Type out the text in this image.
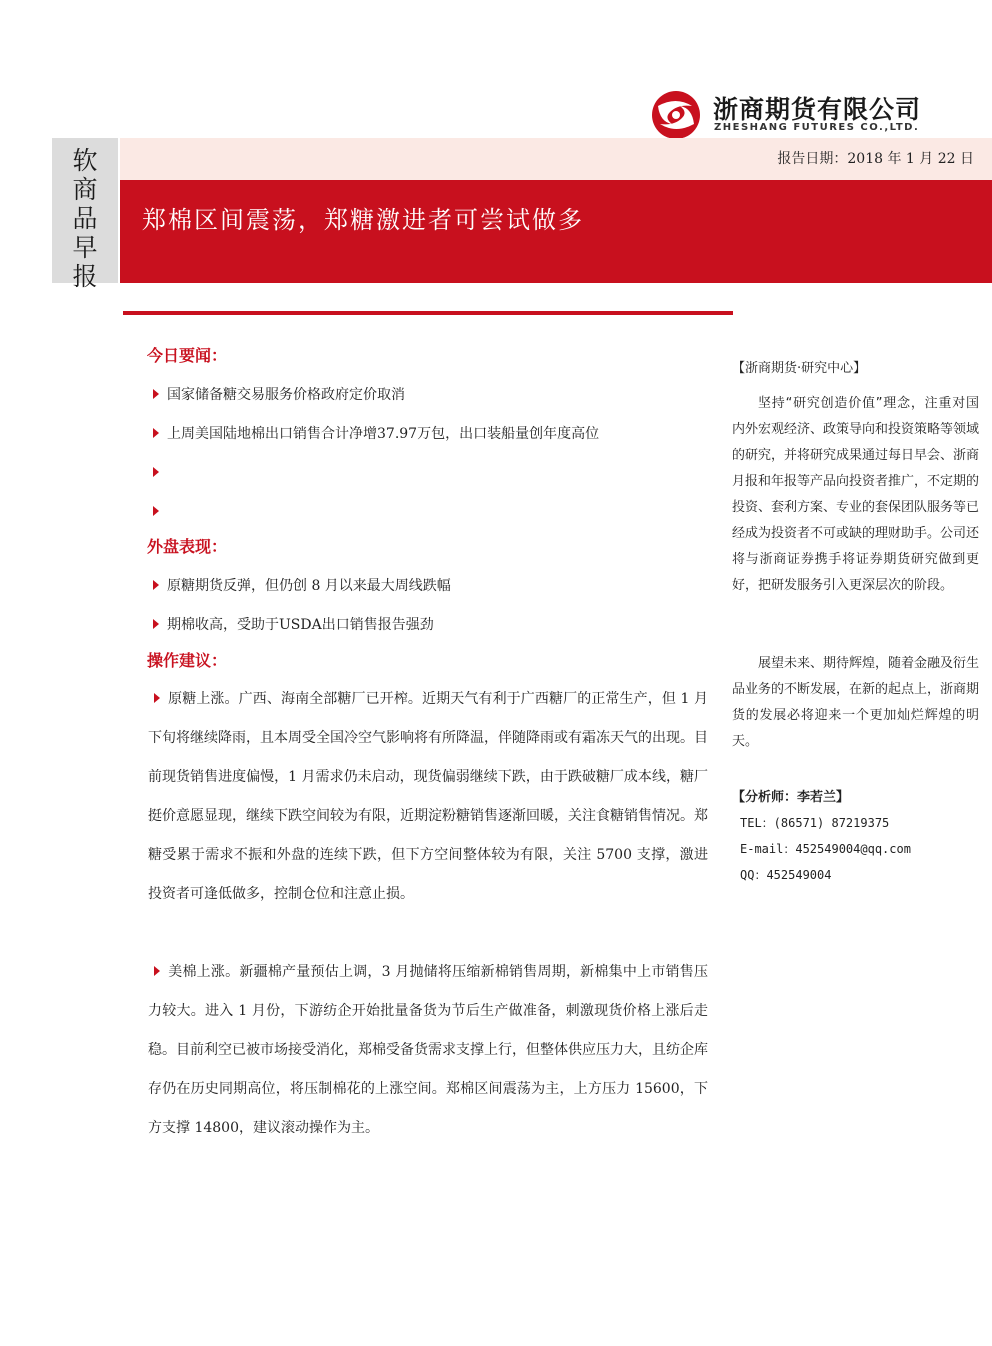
浙商期货有限公司
ZHESHANG FUTURES CO.,LTD.
软
商
品
早
报
报告日期：2018 年 1 月 22 日
郑棉区间震荡，郑糖激进者可尝试做多
今日要闻：
国家储备糖交易服务价格政府定价取消
上周美国陆地棉出口销售合计净增37.97万包，出口装船量创年度高位
外盘表现：
原糖期货反弹，但仍创 8 月以来最大周线跌幅
期棉收高，受助于USDA出口销售报告强劲
操作建议：
原糖上涨。广西、海南全部糖厂已开榨。近期天气有利于广西糖厂的正常生产，但 1 月下旬将继续降雨，且本周受全国冷空气影响将有所降温，伴随降雨或有霜冻天气的出现。目前现货销售进度偏慢，1 月需求仍未启动，现货偏弱继续下跌，由于跌破糖厂成本线，糖厂挺价意愿显现，继续下跌空间较为有限，近期淀粉糖销售逐渐回暖，关注食糖销售情况。郑糖受累于需求不振和外盘的连续下跌，但下方空间整体较为有限，关注 5700 支撑，激进投资者可逢低做多，控制仓位和注意止损。
美棉上涨。新疆棉产量预估上调，3 月抛储将压缩新棉销售周期，新棉集中上市销售压力较大。进入 1 月份，下游纺企开始批量备货为节后生产做准备，刺激现货价格上涨后走稳。目前利空已被市场接受消化，郑棉受备货需求支撑上行，但整体供应压力大，且纺企库存仍在历史同期高位，将压制棉花的上涨空间。郑棉区间震荡为主，上方压力 15600，下方支撑 14800，建议滚动操作为主。
【浙商期货·研究中心】
坚持“研究创造价值”理念，注重对国内外宏观经济、政策导向和投资策略等领域的研究，并将研究成果通过每日早会、浙商月报和年报等产品向投资者推广，不定期的投资、套利方案、专业的套保团队服务等已经成为投资者不可或缺的理财助手。公司还将与浙商证券携手将证券期货研究做到更好，把研发服务引入更深层次的阶段。
展望未来、期待辉煌，随着金融及衍生品业务的不断发展，在新的起点上，浙商期货的发展必将迎来一个更加灿烂辉煌的明天。
【分析师：李若兰】
TEL：(86571) 87219375
E-mail：452549004@qq.com
QQ：452549004
